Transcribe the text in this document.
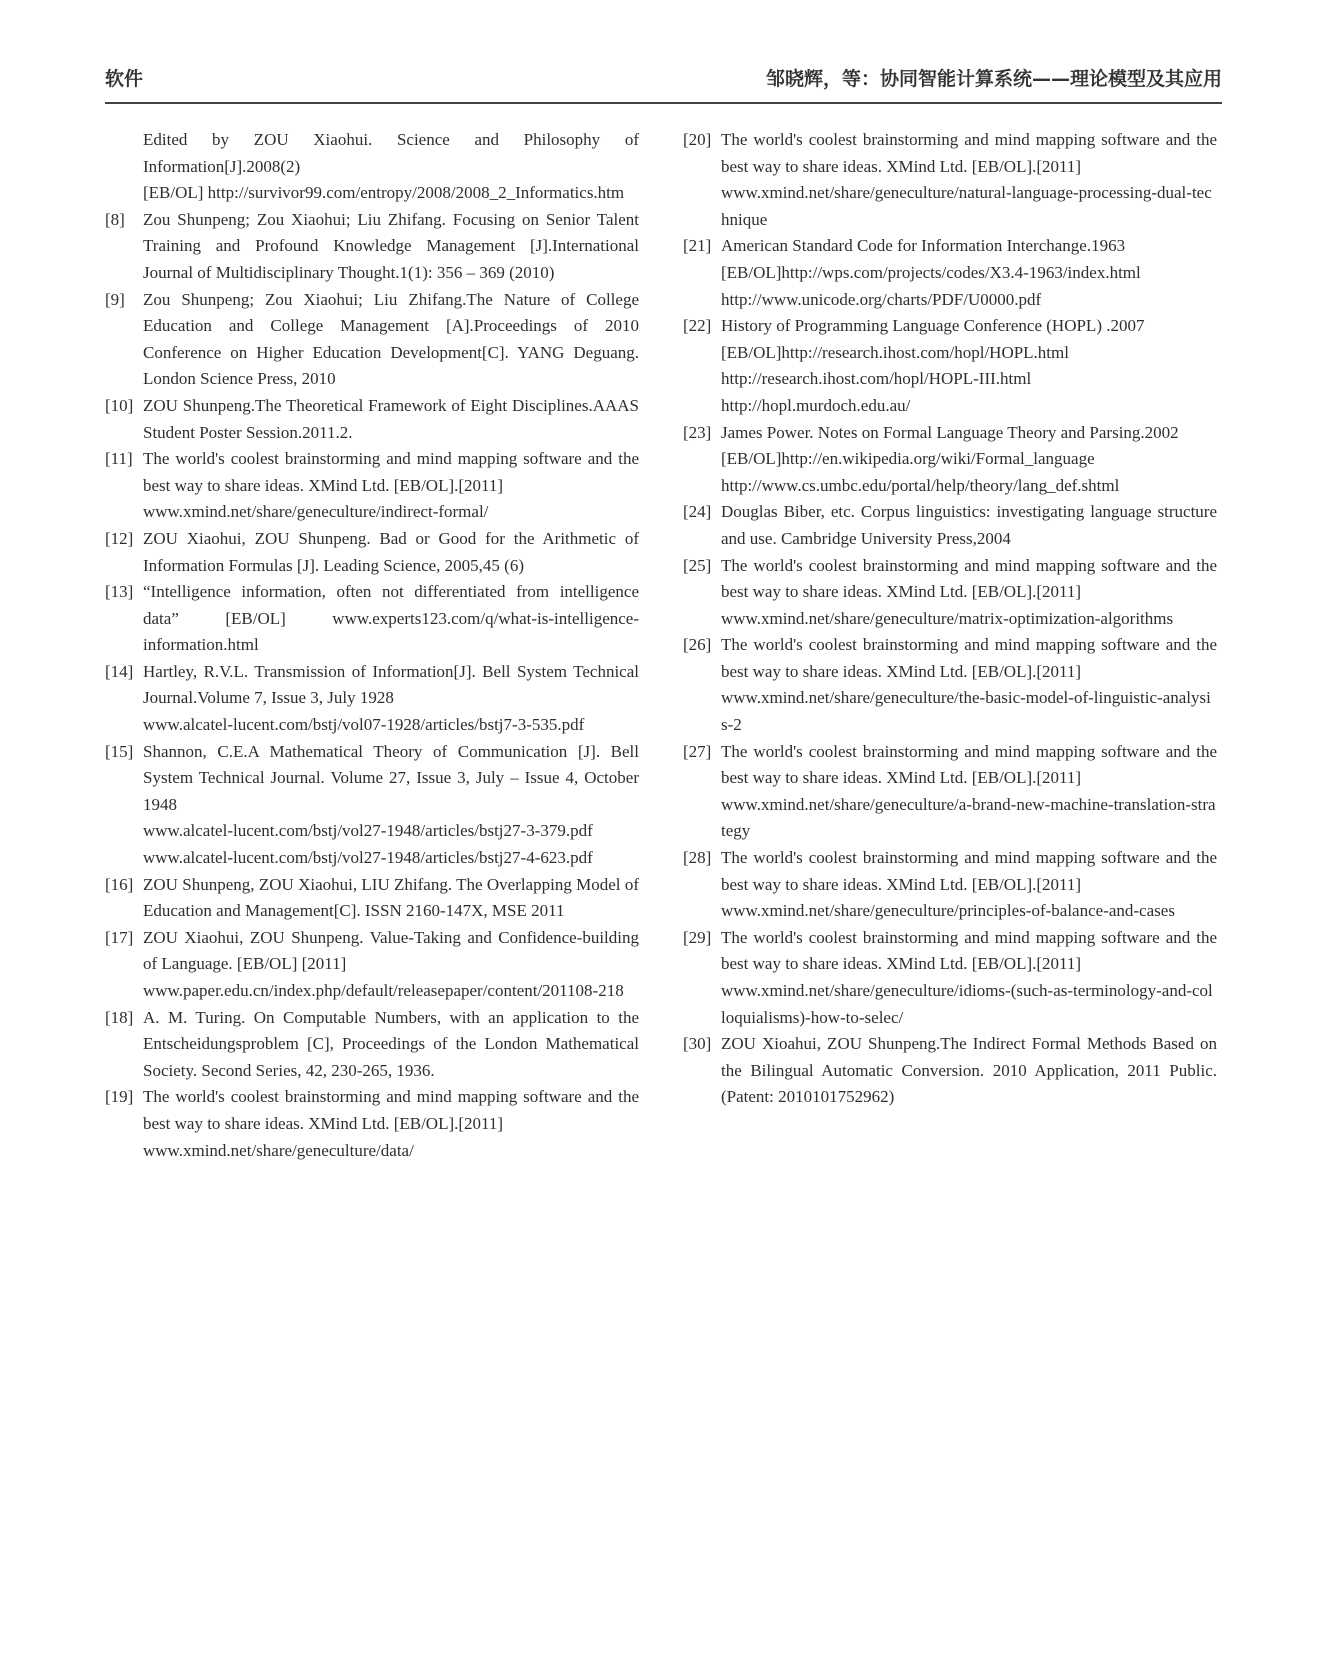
软件	邹晓辉，等：协同智能计算系统——理论模型及其应用
Edited by ZOU Xiaohui. Science and Philosophy of Information[J].2008(2)
[EB/OL] http://survivor99.com/entropy/2008/2008_2_Informatics.htm
[8]	Zou Shunpeng; Zou Xiaohui; Liu Zhifang. Focusing on Senior Talent Training and Profound Knowledge Management [J].International Journal of Multidisciplinary Thought.1(1): 356 – 369 (2010)
[9]	Zou Shunpeng; Zou Xiaohui; Liu Zhifang.The Nature of College Education and College Management [A].Proceedings of 2010 Conference on Higher Education Development[C]. YANG Deguang. London Science Press, 2010
[10] ZOU Shunpeng.The Theoretical Framework of Eight Disciplines.AAAS Student Poster Session.2011.2.
[11] The world's coolest brainstorming and mind mapping software and the best way to share ideas. XMind Ltd. [EB/OL].[2011]
www.xmind.net/share/geneculture/indirect-formal/
[12] ZOU Xiaohui, ZOU Shunpeng. Bad or Good for the Arithmetic of Information Formulas [J]. Leading Science, 2005,45 (6)
[13] “Intelligence information, often not differentiated from intelligence data” [EB/OL] www.experts123.com/q/what-is-intelligence-information.html
[14] Hartley, R.V.L. Transmission of Information[J]. Bell System Technical Journal.Volume 7, Issue 3, July 1928
www.alcatel-lucent.com/bstj/vol07-1928/articles/bstj7-3-535.pdf
[15] Shannon, C.E.A Mathematical Theory of Communication [J]. Bell System Technical Journal. Volume 27, Issue 3, July – Issue 4, October 1948
www.alcatel-lucent.com/bstj/vol27-1948/articles/bstj27-3-379.pdf
www.alcatel-lucent.com/bstj/vol27-1948/articles/bstj27-4-623.pdf
[16] ZOU Shunpeng, ZOU Xiaohui, LIU Zhifang. The Overlapping Model of Education and Management[C]. ISSN 2160-147X, MSE 2011
[17] ZOU Xiaohui, ZOU Shunpeng. Value-Taking and Confidence-building of Language. [EB/OL] [2011]
www.paper.edu.cn/index.php/default/releasepaper/content/201108-218
[18] A. M. Turing. On Computable Numbers, with an application to the Entscheidungsproblem [C], Proceedings of the London Mathematical Society. Second Series, 42, 230-265, 1936.
[19] The world's coolest brainstorming and mind mapping software and the best way to share ideas. XMind Ltd. [EB/OL].[2011]
www.xmind.net/share/geneculture/data/
[20] The world's coolest brainstorming and mind mapping software and the best way to share ideas. XMind Ltd. [EB/OL].[2011]
www.xmind.net/share/geneculture/natural-language-processing-dual-technique
[21] American Standard Code for Information Interchange.1963
[EB/OL]http://wps.com/projects/codes/X3.4-1963/index.html
http://www.unicode.org/charts/PDF/U0000.pdf
[22] History of Programming Language Conference (HOPL) .2007
[EB/OL]http://research.ihost.com/hopl/HOPL.html
http://research.ihost.com/hopl/HOPL-III.html
http://hopl.murdoch.edu.au/
[23] James Power. Notes on Formal Language Theory and Parsing.2002
[EB/OL]http://en.wikipedia.org/wiki/Formal_language
http://www.cs.umbc.edu/portal/help/theory/lang_def.shtml
[24] Douglas Biber, etc. Corpus linguistics: investigating language structure and use. Cambridge University Press,2004
[25] The world's coolest brainstorming and mind mapping software and the best way to share ideas. XMind Ltd. [EB/OL].[2011]
www.xmind.net/share/geneculture/matrix-optimization-algorithms
[26] The world's coolest brainstorming and mind mapping software and the best way to share ideas. XMind Ltd. [EB/OL].[2011]
www.xmind.net/share/geneculture/the-basic-model-of-linguistic-analysis-2
[27] The world's coolest brainstorming and mind mapping software and the best way to share ideas. XMind Ltd. [EB/OL].[2011]
www.xmind.net/share/geneculture/a-brand-new-machine-translation-strategy
[28] The world's coolest brainstorming and mind mapping software and the best way to share ideas. XMind Ltd. [EB/OL].[2011]
www.xmind.net/share/geneculture/principles-of-balance-and-cases
[29] The world's coolest brainstorming and mind mapping software and the best way to share ideas. XMind Ltd. [EB/OL].[2011]
www.xmind.net/share/geneculture/idioms-(such-as-terminology-and-colloquialisms)-how-to-selec/
[30] ZOU Xioahui, ZOU Shunpeng.The Indirect Formal Methods Based on the Bilingual Automatic Conversion. 2010 Application, 2011 Public. (Patent: 2010101752962)
